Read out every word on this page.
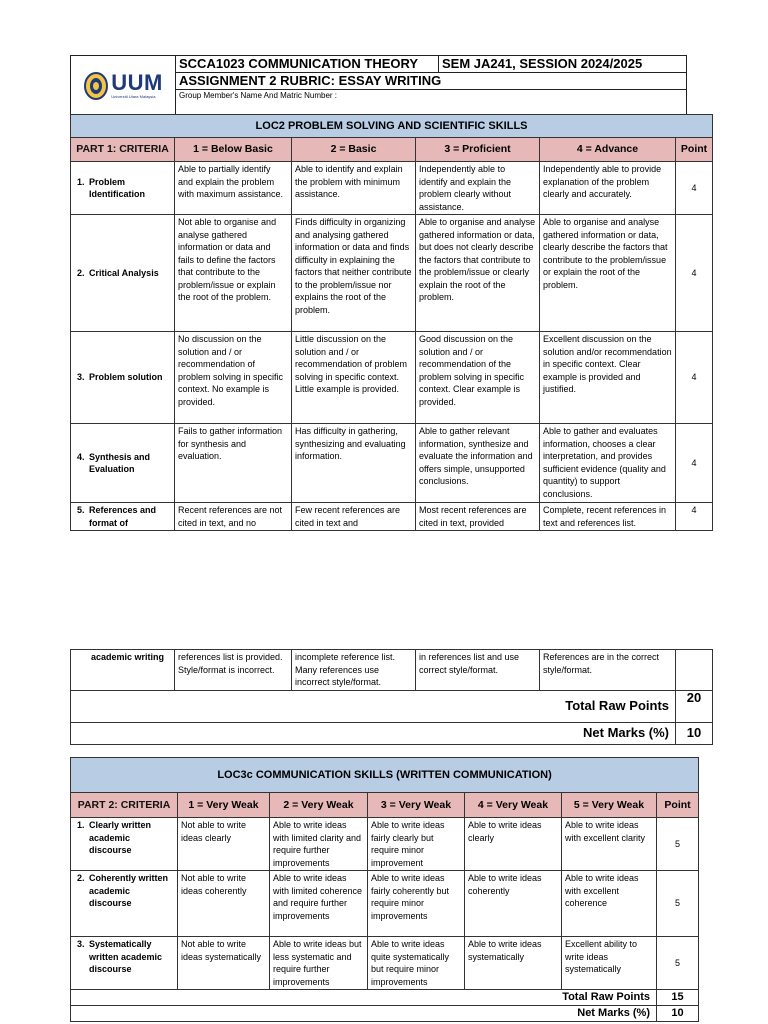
UUM
Universiti Utara Malaysia
	SCCA1023 COMMUNICATION THEORY	SEM JA241, SESSION 2024/2025
ASSIGNMENT 2 RUBRIC: ESSAY WRITING
Group Member's Name And Matric Number :
LOC2 PROBLEM SOLVING AND SCIENTIFIC SKILLS					
PART 1: CRITERIA	1 = Below Basic	2 = Basic	3 = Proficient	4 = Advance	Point

1. Problem Identification	Able to partially identify and explain the problem with maximum assistance.	Able to identify and explain the problem with minimum assistance.	Independently able to identify and explain the problem clearly without assistance.	Independently able to provide explanation of the problem clearly and accurately.	4

2. Critical Analysis	Not able to organise and analyse gathered information or data and fails to define the factors that contribute to the problem/issue or explain the root of the problem.	Finds difficulty in organizing and analysing gathered information or data and finds difficulty in explaining the factors that neither contribute to the problem/issue nor explains the root of the problem.	Able to organise and analyse gathered information or data, but does not clearly describe the factors that contribute to the problem/issue or clearly explain the root of the problem.	Able to organise and analyse gathered information or data, clearly describe the factors that contribute to the problem/issue or explain the root of the problem.	4

3. Problem solution	No discussion on the solution and / or recommendation of problem solving in specific context. No example is provided.	Little discussion on the solution and / or recommendation of problem solving in specific context. Little example is provided.	Good discussion on the solution and / or recommendation of the problem solving in specific context. Clear example is provided.	Excellent discussion on the solution and/or recommendation in specific context. Clear example is provided and justified.	4

4. Synthesis and Evaluation	Fails to gather information for synthesis and evaluation.	Has difficulty in gathering, synthesizing and evaluating information.	Able to gather relevant information, synthesize and evaluate the information and offers simple, unsupported conclusions.	Able to gather and evaluates information, chooses a clear interpretation, and provides sufficient evidence (quality and quantity) to support conclusions.	4

5. References and format of	Recent references are not cited in text, and no	Few recent references are cited in text and	Most recent references are cited in text, provided	Complete, recent references in text and references list.	4
academic writing	references list is provided. Style/format is incorrect.	incomplete reference list. Many references use incorrect style/format.	in references list and use correct style/format.	References are in the correct style/format.	
Total Raw Points					20
Net Marks (%)					10
LOC3c COMMUNICATION SKILLS (WRITTEN COMMUNICATION)						
PART 2: CRITERIA	1 = Very Weak	2 = Very Weak	3 = Very Weak	4 = Very Weak	5 = Very Weak	Point

1. Clearly written academic discourse	Not able to write ideas clearly	Able to write ideas with limited clarity and require further improvements	Able to write ideas fairly clearly but require minor improvement	Able to write ideas clearly	Able to write ideas with excellent clarity	5

2. Coherently written academic discourse	Not able to write ideas coherently	Able to write ideas with limited coherence and require further improvements	Able to write ideas fairly coherently but require minor improvements	Able to write ideas coherently	Able to write ideas with excellent coherence	5

3. Systematically written academic discourse	Not able to write ideas systematically	Able to write ideas but less systematic and require further improvements	Able to write ideas quite systematically but require minor improvements	Able to write ideas systematically	Excellent ability to write ideas systematically	5
Total Raw Points						15
Net Marks (%)						10
